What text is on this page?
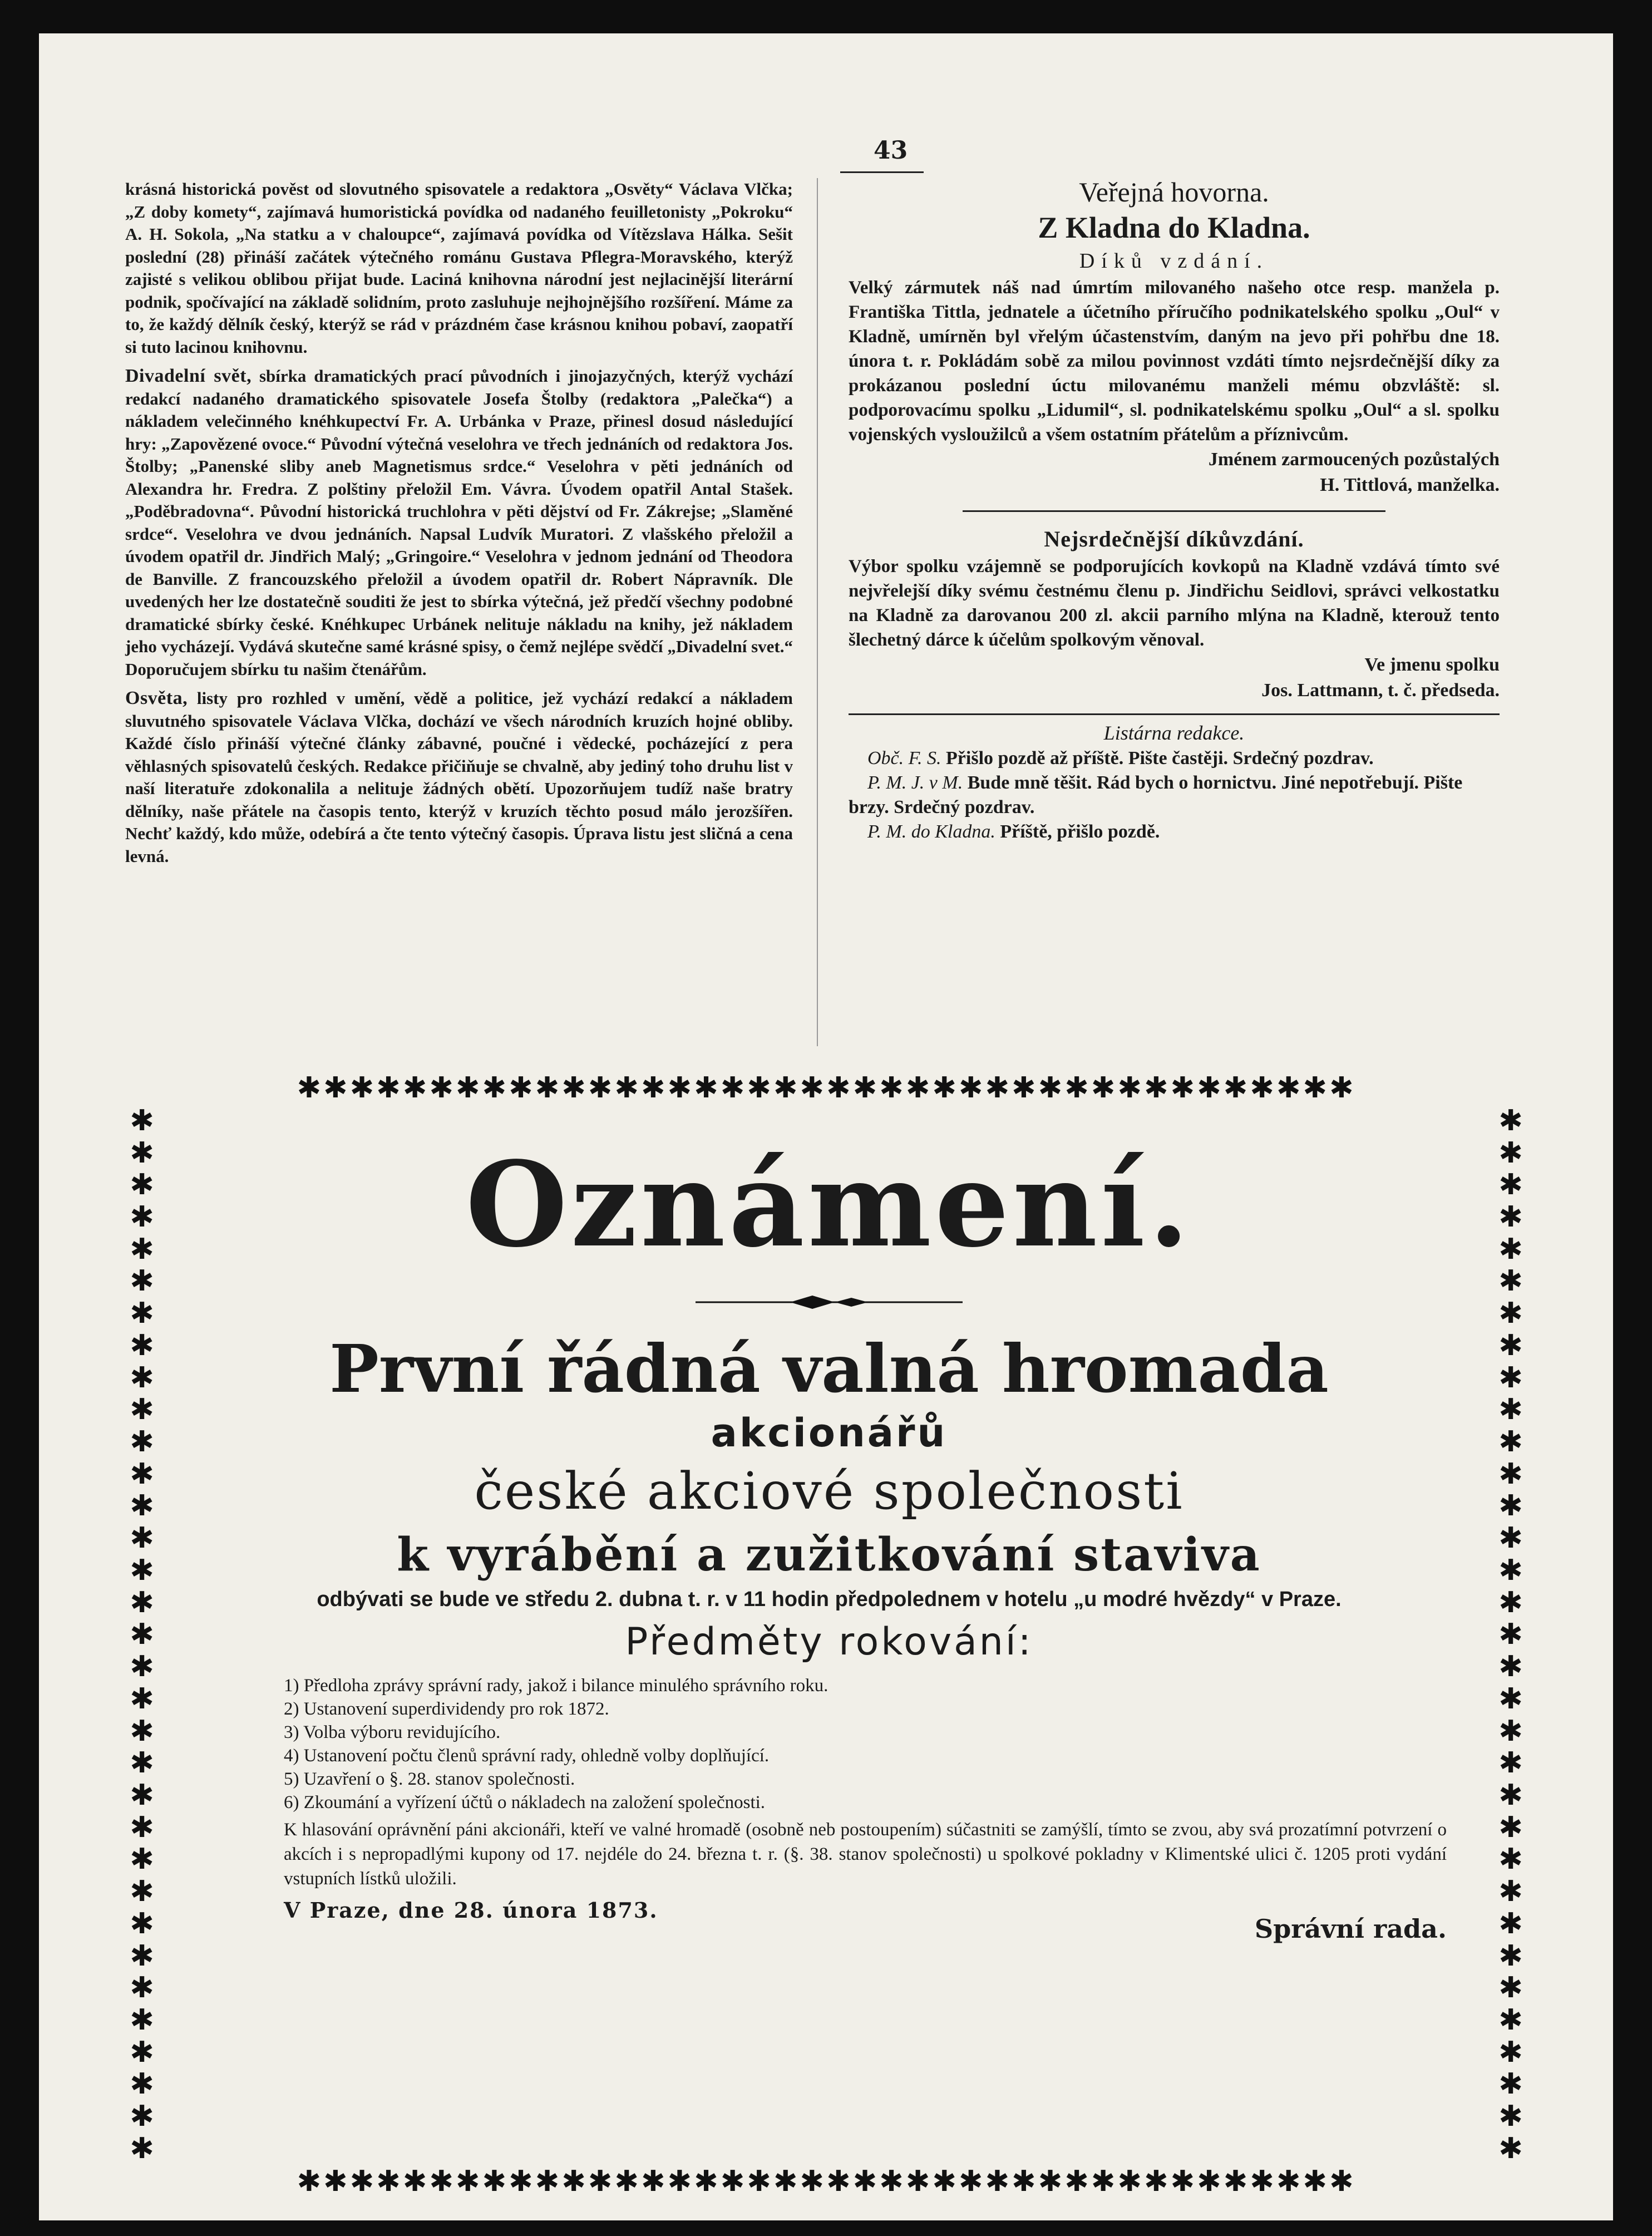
43

krásná historická pověst od slovutného spisovatele a redaktora „Osvěty“ Václava Vlčka; „Z doby komety“, zajímavá humoristická povídka od nadaného feuilletonisty „Pokroku“ A. H. Sokola, „Na statku a v chaloupce“, zajímavá povídka od Vítězslava Hálka. Sešit poslední (28) přináší začátek výtečného románu Gustava Pflegra-Moravského, kterýž zajisté s velikou oblibou přijat bude. Laciná knihovna národní jest nejlacinější literární podnik, spočívající na základě solidním, proto zasluhuje nejhojnějšího rozšíření. Máme za to, že každý dělník český, kterýž se rád v prázdném čase krásnou knihou pobaví, zaopatří si tuto lacinou knihovnu.

Divadelní svět, sbírka dramatických prací původních i jinojazyčných, kterýž vychází redakcí nadaného dramatického spisovatele Josefa Štolby (redaktora „Palečka“) a nákladem velečinného knéhkupectví Fr. A. Urbánka v Praze, přinesl dosud následující hry: „Zapovězené ovoce.“ Původní výtečná veselohra ve třech jednáních od redaktora Jos. Štolby; „Panenské sliby aneb Magnetismus srdce.“ Veselohra v pěti jednáních od Alexandra hr. Fredra. Z polštiny přeložil Em. Vávra. Úvodem opatřil Antal Stašek. „Poděbradovna“. Původní historická truchlohra v pěti dějství od Fr. Zákrejse; „Slaměné srdce“. Veselohra ve dvou jednáních. Napsal Ludvík Muratori. Z vlašského přeložil a úvodem opatřil dr. Jindřich Malý; „Gringoire.“ Veselohra v jednom jednání od Theodora de Banville. Z francouzského přeložil a úvodem opatřil dr. Robert Nápravník. Dle uvedených her lze dostatečně souditi že jest to sbírka výtečná, jež předčí všechny podobné dramatické sbírky české. Knéhkupec Urbánek nelituje nákladu na knihy, jež nákladem jeho vycházejí. Vydává skutečne samé krásné spisy, o čemž nejlépe svědčí „Divadelní svet.“ Doporučujem sbírku tu našim čtenářům.

Osvěta, listy pro rozhled v umění, vědě a politice, jež vychází redakcí a nákladem sluvutného spisovatele Václava Vlčka, dochází ve všech národních kruzích hojné obliby. Každé číslo přináší výtečné články zábavné, poučné i vědecké, pocházející z pera věhlasných spisovatelů českých. Redakce přičiňuje se chvalně, aby jediný toho druhu list v naší literatuře zdokonalila a nelituje žádných obětí. Upozorňujem tudíž naše bratry dělníky, naše přátele na časopis tento, kterýž v kruzích těchto posud málo jerozšířen. Nechť každý, kdo může, odebírá a čte tento výtečný časopis. Úprava listu jest sličná a cena levná.

Veřejná hovorna.
Z Kladna do Kladna.
Díků vzdání.

Velký zármutek náš nad úmrtím milovaného našeho otce resp. manžela p. Františka Tittla, jednatele a účetního příručího podnikatelského spolku „Oul“ v Kladně, umírněn byl vřelým účastenstvím, daným na jevo při pohřbu dne 18. února t. r. Pokládám sobě za milou povinnost vzdáti tímto nejsrdečnější díky za prokázanou poslední úctu milovanému manželi mému obzvláště: sl. podporovacímu spolku „Lidumil“, sl. podnikatelskému spolku „Oul“ a sl. spolku vojenských vysloužilců a všem ostatním přátelům a příznivcům.

Jménem zarmoucených pozůstalých
H. Tittlová, manželka.
Nejsrdečnější díkůvzdání.

Výbor spolku vzájemně se podporujících kovkopů na Kladně vzdává tímto své nejvřelejší díky svému čestnému členu p. Jindřichu Seidlovi, správci velkostatku na Kladně za darovanou 200 zl. akcii parního mlýna na Kladně, kterouž tento šlechetný dárce k účelům spolkovým věnoval.

Ve jmenu spolku
Jos. Lattmann, t. č. předseda.
Listárna redakce.
 Obč. F. S. Přišlo pozdě až příště. Pište častěji. Srdečný pozdrav.
 P. M. J. v M. Bude mně těšit. Rád bych o hornictvu. Jiné nepotřebují. Pište brzy. Srdečný pozdrav.
 P. M. do Kladna. Příště, přišlo pozdě.
✱ ✱ ✱ ✱ ✱ ✱ ✱ ✱ ✱ ✱ ✱ ✱ ✱ ✱ ✱ ✱ ✱ ✱ ✱ ✱ ✱ ✱ ✱ ✱ ✱ ✱ ✱ ✱ ✱ ✱ ✱ ✱ ✱ ✱ ✱ ✱ ✱ ✱ ✱ ✱
✱ ✱ ✱ ✱ ✱ ✱ ✱ ✱ ✱ ✱ ✱ ✱ ✱ ✱ ✱ ✱ ✱ ✱ ✱ ✱ ✱ ✱ ✱ ✱ ✱ ✱ ✱ ✱ ✱ ✱ ✱ ✱ ✱ ✱ ✱ ✱ ✱ ✱ ✱ ✱
✱
✱
✱
✱
✱
✱
✱
✱
✱
✱
✱
✱
✱
✱
✱
✱
✱
✱
✱
✱
✱
✱
✱
✱
✱
✱
✱
✱
✱
✱
✱
✱
✱
✱
✱
✱
✱
✱
✱
✱
✱
✱
✱
✱
✱
✱
✱
✱
✱
✱
✱
✱
✱
✱
✱
✱
✱
✱
✱
✱
✱
✱
✱
✱
✱
✱
Oznámení.
První řádná valná hromada
akcionářů
české akciové společnosti
k vyrábění a zužitkování staviva
odbývati se bude ve středu 2. dubna t. r. v 11 hodin předpolednem v hotelu „u modré hvězdy“ v Praze.
Předměty rokování:
1) Předloha zprávy správní rady, jakož i bilance minulého správního roku.
2) Ustanovení superdividendy pro rok 1872.
3) Volba výboru revidujícího.
4) Ustanovení počtu členů správní rady, ohledně volby doplňující.
5) Uzavření o §. 28. stanov společnosti.
6) Zkoumání a vyřízení účtů o nákladech na založení společnosti.
K hlasování oprávnění páni akcionáři, kteří ve valné hromadě (osobně neb postoupením) súčastniti se zamýšlí, tímto se zvou, aby svá prozatímní potvrzení o akcích i s nepropadlými kupony od 17. nejdéle do 24. března t. r. (§. 38. stanov společnosti) u spolkové pokladny v Klimentské ulici č. 1205 proti vydání vstupních lístků uložili.
V Praze, dne 28. února 1873.
Správní rada.
